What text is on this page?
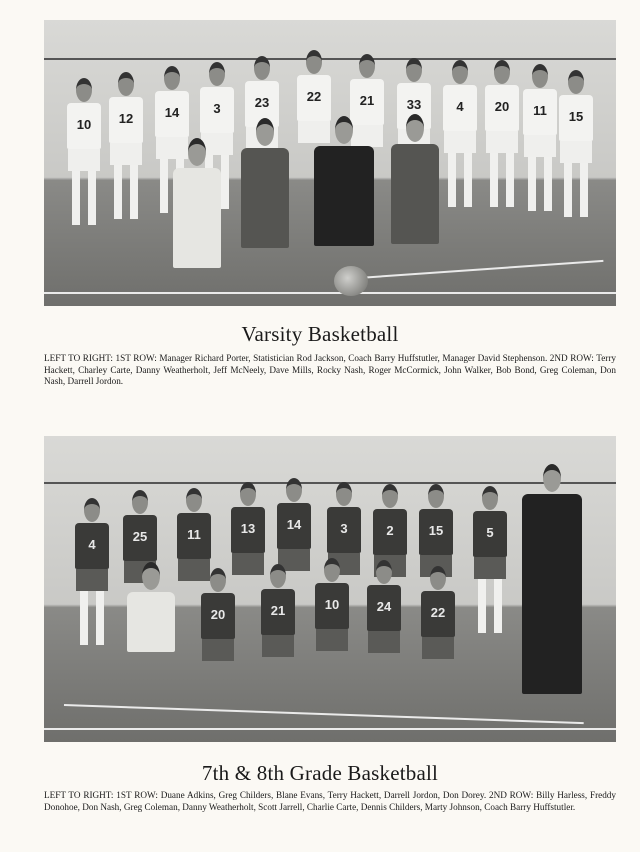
10	12	14	3	23	22	21	33	4	20	11	15
Varsity Basketball
LEFT TO RIGHT: 1ST ROW: Manager Richard Porter, Statistician Rod Jackson, Coach Barry Huffstutler, Manager David Stephenson. 2ND ROW: Terry Hackett, Charley Carte, Danny Weatherholt, Jeff McNeely, Dave Mills, Rocky Nash, Roger McCormick, John Walker, Bob Bond, Greg Coleman, Don Nash, Darrell Jordon.
4
25	11	13	14	3	2	15	5
20	21	10	24	22
7th & 8th Grade Basketball
LEFT TO RIGHT: 1ST ROW: Duane Adkins, Greg Childers, Blane Evans, Terry Hackett, Darrell Jordon, Don Dorey. 2ND ROW: Billy Harless, Freddy Donohoe, Don Nash, Greg Coleman, Danny Weatherholt, Scott Jarrell, Charlie Carte, Dennis Childers, Marty Johnson, Coach Barry Huffstutler.
